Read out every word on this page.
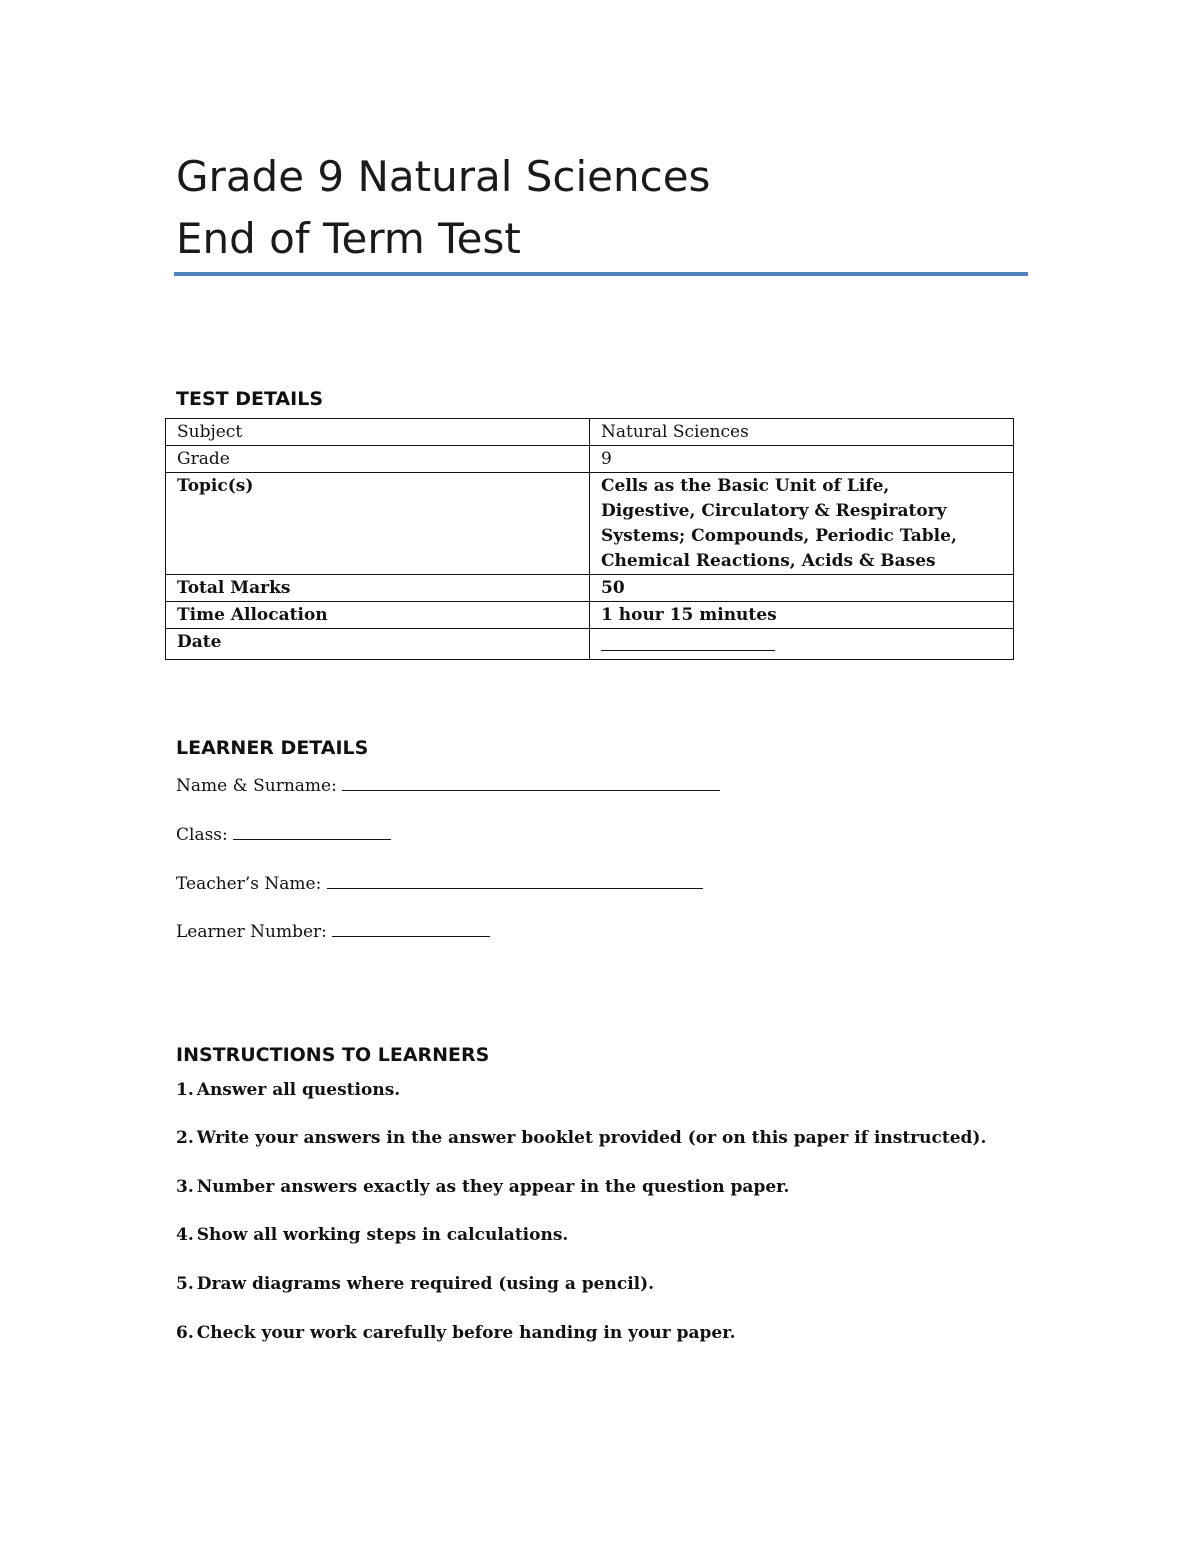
Grade 9 Natural Sciences
End of Term Test
TEST DETAILS
Subject	Natural Sciences
Grade	9
Topic(s)	Cells as the Basic Unit of Life, Digestive, Circulatory & Respiratory Systems; Compounds, Periodic Table, Chemical Reactions, Acids & Bases
Total Marks	50
Time Allocation	1 hour 15 minutes
Date	
LEARNER DETAILS
Name & Surname:
Class:
Teacher’s Name:
Learner Number:
INSTRUCTIONS TO LEARNERS
1. Answer all questions.
2. Write your answers in the answer booklet provided (or on this paper if instructed).
3. Number answers exactly as they appear in the question paper.
4. Show all working steps in calculations.
5. Draw diagrams where required (using a pencil).
6. Check your work carefully before handing in your paper.
